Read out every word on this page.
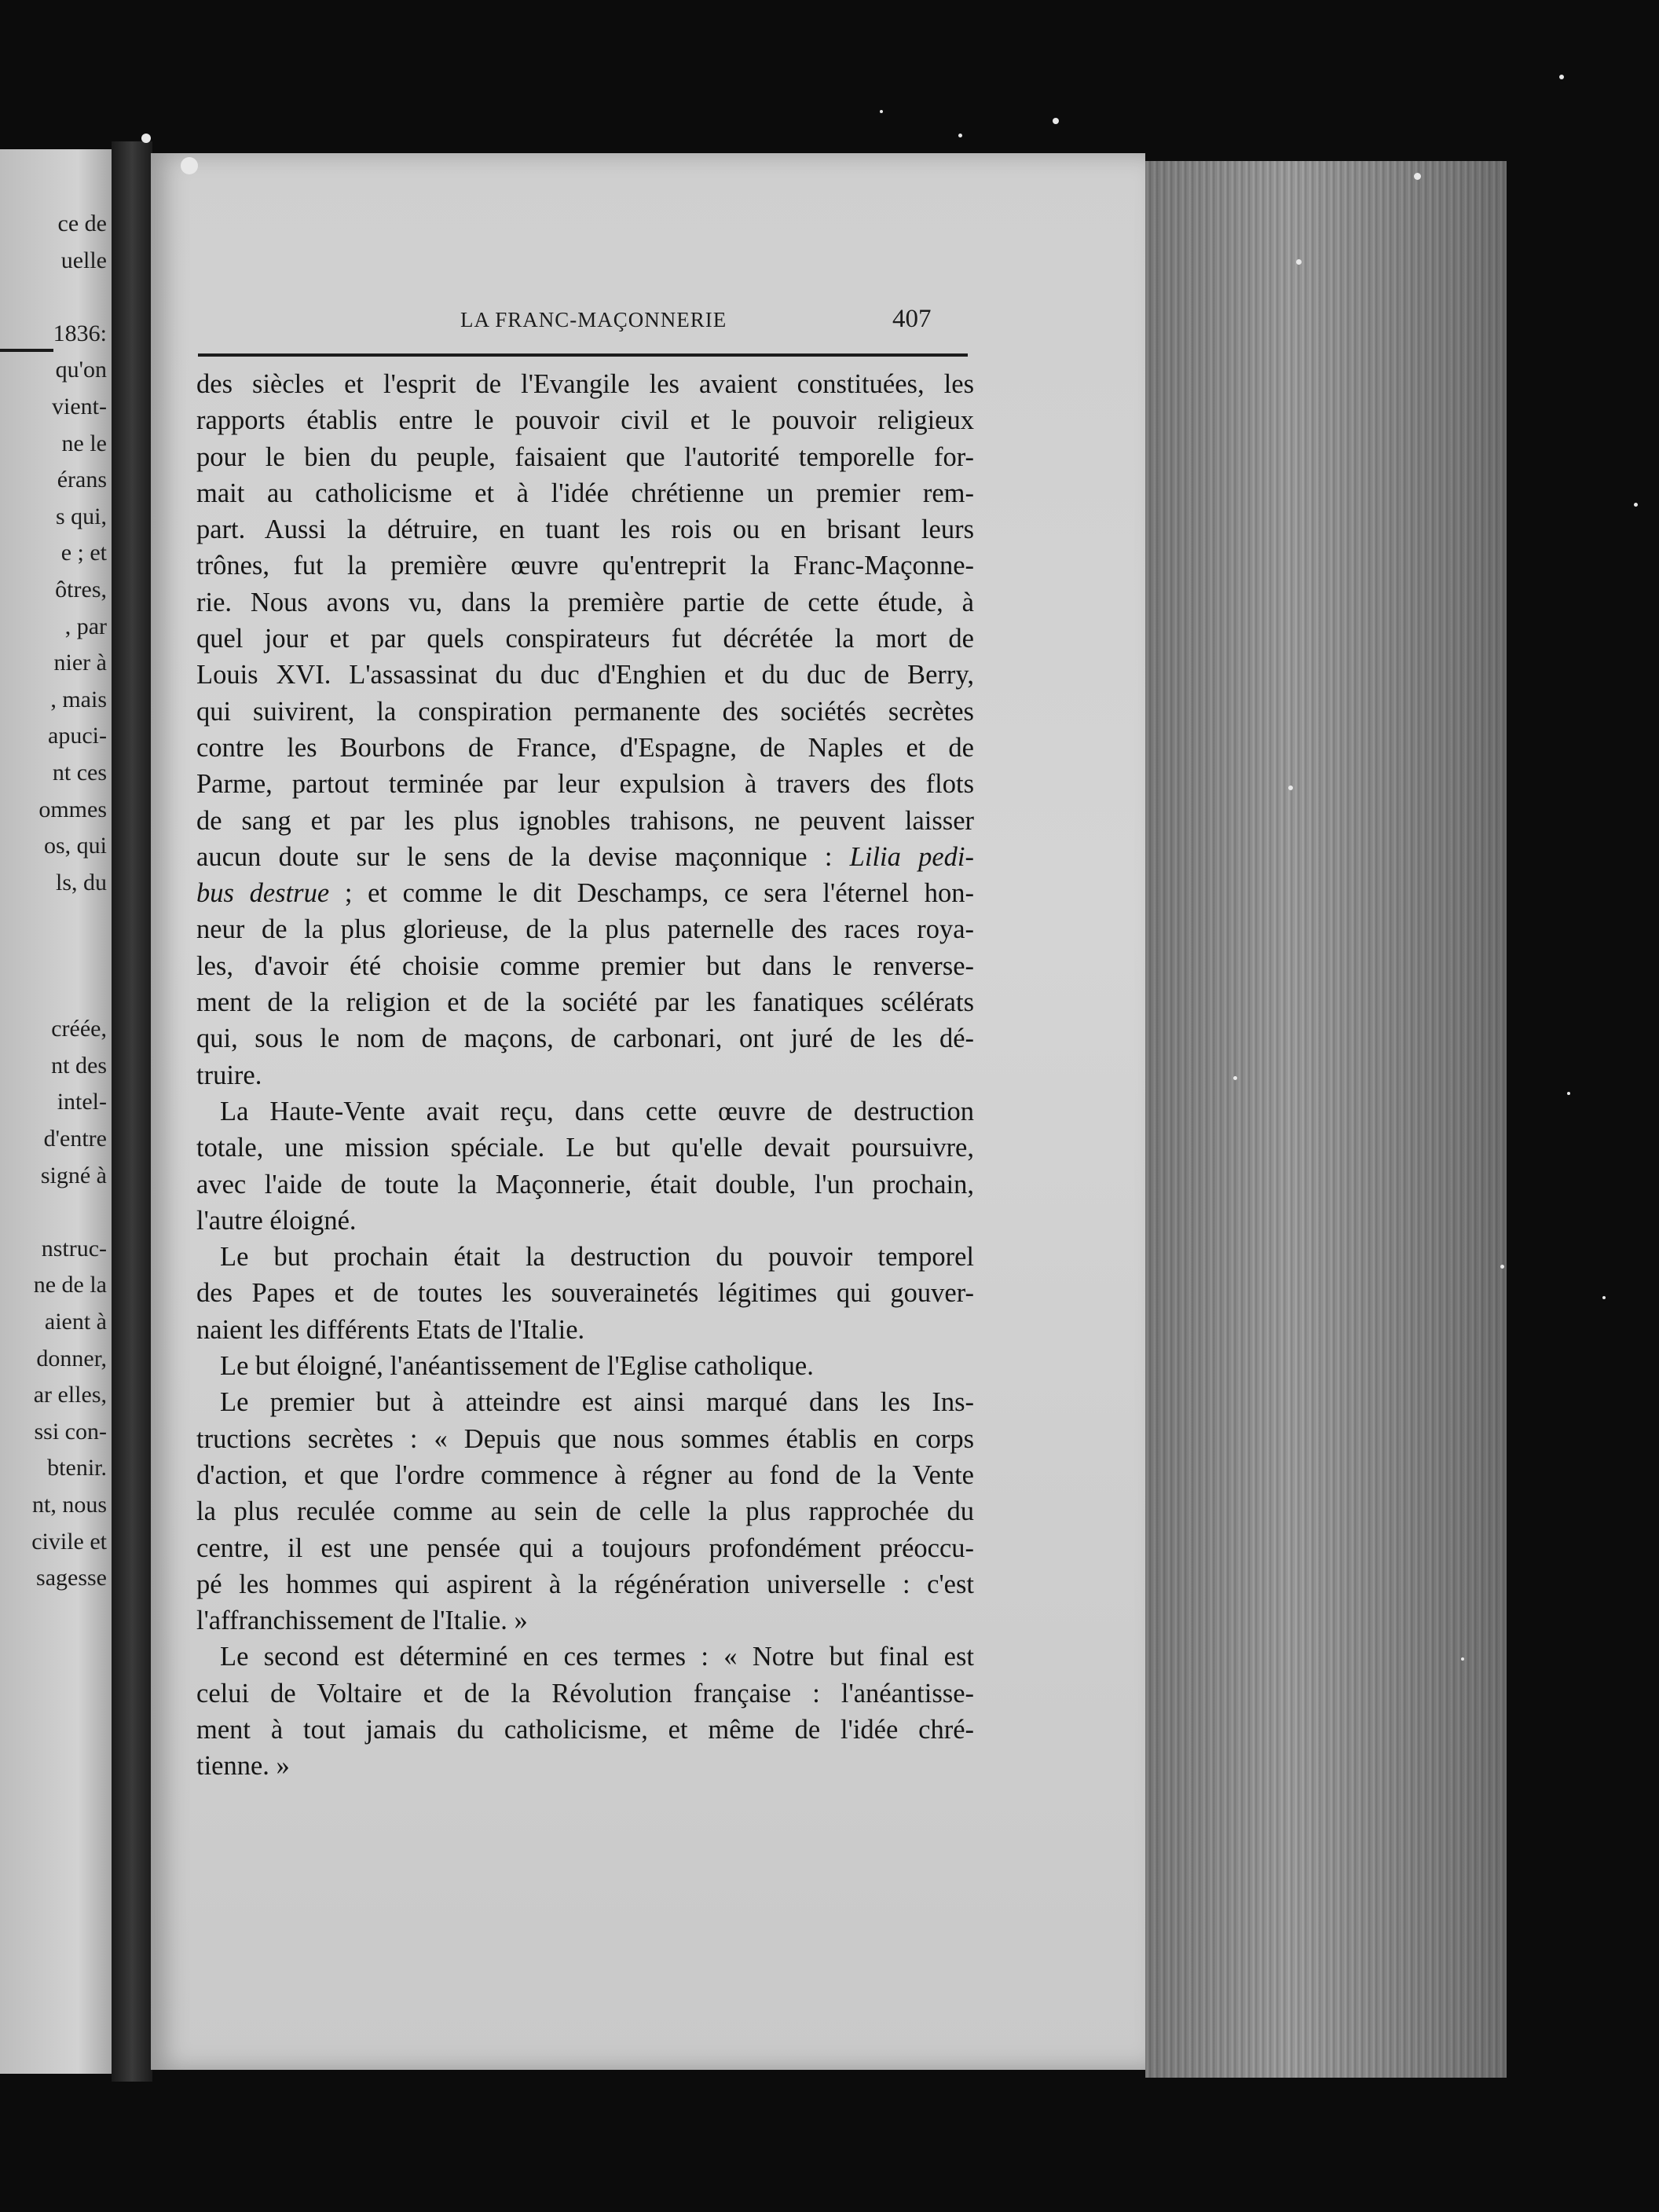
ce de
uelle
1836:
qu'on
vient-
ne le
érans
s qui,
e ; et
ôtres,
, par
nier à
, mais
apuci-
nt ces
ommes
os, qui
ls, du
créée,
nt des
intel-
d'entre
signé à
nstruc-
ne de la
aient à
donner,
ar elles,
ssi con-
btenir.
nt, nous
civile et
sagesse
LA FRANC-MAÇONNERIE	407
des siècles et l'esprit de l'Evangile les avaient constituées, les
rapports établis entre le pouvoir civil et le pouvoir religieux
pour le bien du peuple, faisaient que l'autorité temporelle for-
mait au catholicisme et à l'idée chrétienne un premier rem-
part. Aussi la détruire, en tuant les rois ou en brisant leurs
trônes, fut la première œuvre qu'entreprit la Franc-Maçonne-
rie. Nous avons vu, dans la première partie de cette étude, à
quel jour et par quels conspirateurs fut décrétée la mort de
Louis XVI. L'assassinat du duc d'Enghien et du duc de Berry,
qui suivirent, la conspiration permanente des sociétés secrètes
contre les Bourbons de France, d'Espagne, de Naples et de
Parme, partout terminée par leur expulsion à travers des flots
de sang et par les plus ignobles trahisons, ne peuvent laisser
aucun doute sur le sens de la devise maçonnique : Lilia pedi-
bus destrue ; et comme le dit Deschamps, ce sera l'éternel hon-
neur de la plus glorieuse, de la plus paternelle des races roya-
les, d'avoir été choisie comme premier but dans le renverse-
ment de la religion et de la société par les fanatiques scélérats
qui, sous le nom de maçons, de carbonari, ont juré de les dé-
truire.
La Haute-Vente avait reçu, dans cette œuvre de destruction
totale, une mission spéciale. Le but qu'elle devait poursuivre,
avec l'aide de toute la Maçonnerie, était double, l'un prochain,
l'autre éloigné.
Le but prochain était la destruction du pouvoir temporel
des Papes et de toutes les souverainetés légitimes qui gouver-
naient les différents Etats de l'Italie.
Le but éloigné, l'anéantissement de l'Eglise catholique.
Le premier but à atteindre est ainsi marqué dans les Ins-
tructions secrètes : « Depuis que nous sommes établis en corps
d'action, et que l'ordre commence à régner au fond de la Vente
la plus reculée comme au sein de celle la plus rapprochée du
centre, il est une pensée qui a toujours profondément préoccu-
pé les hommes qui aspirent à la régénération universelle : c'est
l'affranchissement de l'Italie. »
Le second est déterminé en ces termes : « Notre but final est
celui de Voltaire et de la Révolution française : l'anéantisse-
ment à tout jamais du catholicisme, et même de l'idée chré-
tienne. »
